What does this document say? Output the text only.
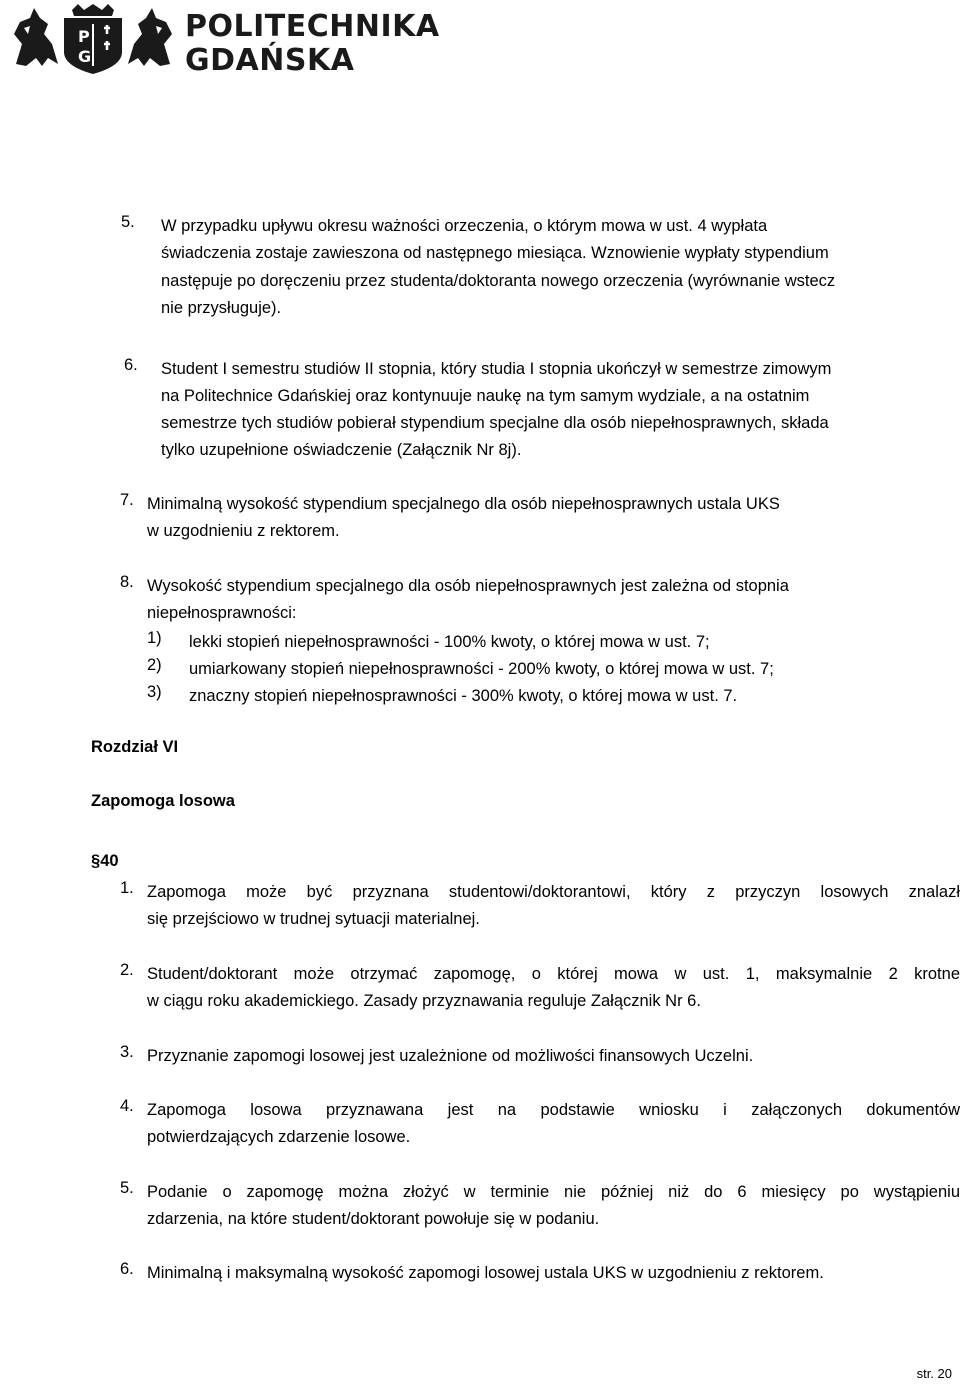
P
G
POLITECHNIKA
GDAŃSKA
5. W przypadku upływu okresu ważności orzeczenia, o którym mowa w ust. 4 wypłata
świadczenia zostaje zawieszona od następnego miesiąca. Wznowienie wypłaty stypendium
następuje po doręczeniu przez studenta/doktoranta nowego orzeczenia (wyrównanie wstecz
nie przysługuje).
6. Student I semestru studiów II stopnia, który studia I stopnia ukończył w semestrze zimowym
na Politechnice Gdańskiej oraz kontynuuje naukę na tym samym wydziale, a na ostatnim
semestrze tych studiów pobierał stypendium specjalne dla osób niepełnosprawnych, składa
tylko uzupełnione oświadczenie (Załącznik Nr 8j).
7. Minimalną wysokość stypendium specjalnego dla osób niepełnosprawnych ustala UKS
w uzgodnieniu z rektorem.
8. Wysokość stypendium specjalnego dla osób niepełnosprawnych jest zależna od stopnia
niepełnosprawności:
1) lekki stopień niepełnosprawności - 100% kwoty, o której mowa w ust. 7;
2) umiarkowany stopień niepełnosprawności - 200% kwoty, o której mowa w ust. 7;
3) znaczny stopień niepełnosprawności - 300% kwoty, o której mowa w ust. 7.
Rozdział VI
Zapomoga losowa
§40
1. Zapomoga może być przyznana studentowi/doktorantowi, który z przyczyn losowych znalazł
się przejściowo w trudnej sytuacji materialnej.
2. Student/doktorant może otrzymać zapomogę, o której mowa w ust. 1, maksymalnie 2 krotne
w ciągu roku akademickiego. Zasady przyznawania reguluje Załącznik Nr 6.
3. Przyznanie zapomogi losowej jest uzależnione od możliwości finansowych Uczelni.
4. Zapomoga losowa przyznawana jest na podstawie wniosku i załączonych dokumentów
potwierdzających zdarzenie losowe.
5. Podanie o zapomogę można złożyć w terminie nie później niż do 6 miesięcy po wystąpieniu
zdarzenia, na które student/doktorant powołuje się w podaniu.
6. Minimalną i maksymalną wysokość zapomogi losowej ustala UKS w uzgodnieniu z rektorem.
str. 20
